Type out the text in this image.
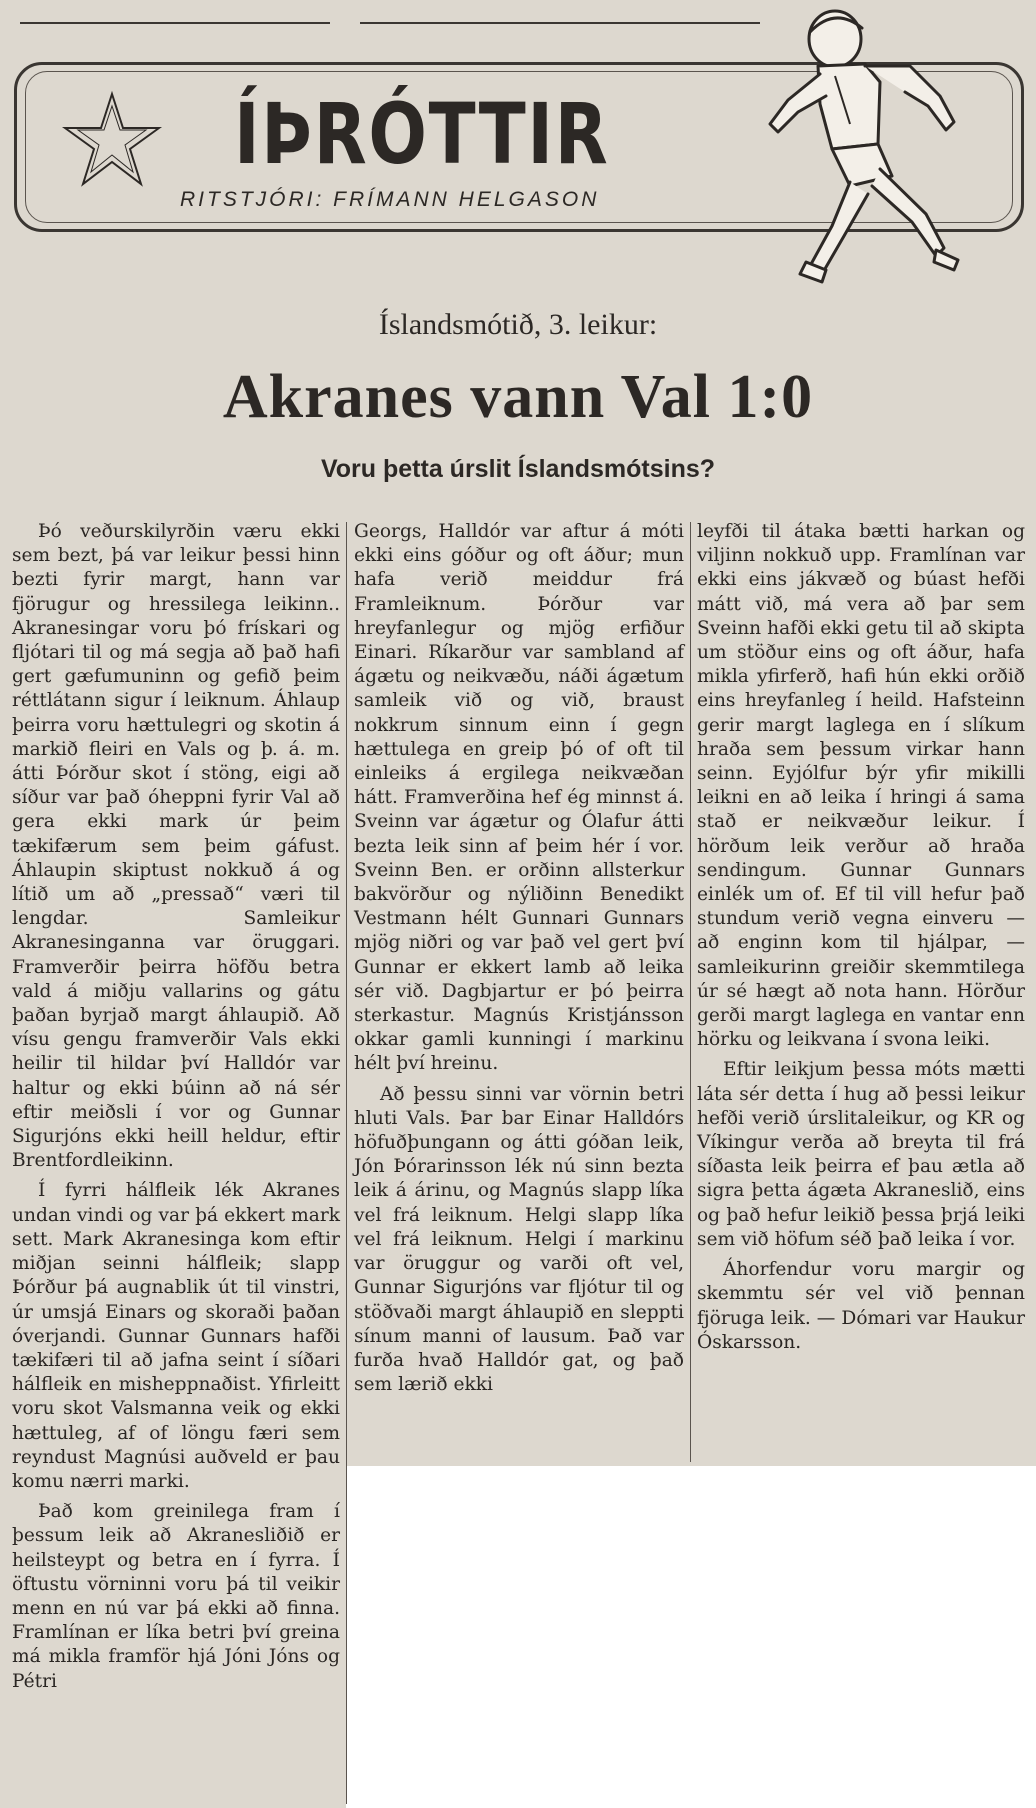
ÍÞRÓTTIR
RITSTJÓRI: FRÍMANN HELGASON
Íslandsmótið, 3. leikur:
Akranes vann Val 1:0
Voru þetta úrslit Íslandsmótsins?

Þó veðurskilyrðin væru ekki sem bezt, þá var leikur þessi hinn bezti fyrir margt, hann var fjörugur og hressilega leikinn.. Akranesingar voru þó frískari og fljótari til og má segja að það hafi gert gæfumuninn og gefið þeim réttlátann sigur í leiknum. Áhlaup þeirra voru hættulegri og skotin á markið fleiri en Vals og þ. á. m. átti Þórður skot í stöng, eigi að síður var það óheppni fyrir Val að gera ekki mark úr þeim tækifærum sem þeim gáfust. Áhlaupin skiptust nokkuð á og lítið um að „pressað“ væri til lengdar. Samleikur Akranesinganna var öruggari. Framverðir þeirra höfðu betra vald á miðju vallarins og gátu þaðan byrjað margt áhlaupið. Að vísu gengu framverðir Vals ekki heilir til hildar því Halldór var haltur og ekki búinn að ná sér eftir meiðsli í vor og Gunnar Sigurjóns ekki heill heldur, eftir Brentfordleikinn.

Í fyrri hálfleik lék Akranes undan vindi og var þá ekkert mark sett. Mark Akranesinga kom eftir miðjan seinni hálfleik; slapp Þórður þá augnablik út til vinstri, úr umsjá Einars og skoraði þaðan óverjandi. Gunnar Gunnars hafði tækifæri til að jafna seint í síðari hálfleik en misheppnaðist. Yfirleitt voru skot Valsmanna veik og ekki hættuleg, af of löngu færi sem reyndust Magnúsi auðveld er þau komu nærri marki.

Það kom greinilega fram í þessum leik að Akranesliðið er heilsteypt og betra en í fyrra. Í öftustu vörninni voru þá til veikir menn en nú var þá ekki að finna. Framlínan er líka betri því greina má mikla framför hjá Jóni Jóns og Pétri

Georgs, Halldór var aftur á móti ekki eins góður og oft áður; mun hafa verið meiddur frá Framleiknum. Þórður var hreyfanlegur og mjög erfiður Einari. Ríkarður var sambland af ágætu og neikvæðu, náði ágætum samleik við og við, braust nokkrum sinnum einn í gegn hættulega en greip þó of oft til einleiks á ergilega neikvæðan hátt. Framverðina hef ég minnst á. Sveinn var ágætur og Ólafur átti bezta leik sinn af þeim hér í vor. Sveinn Ben. er orðinn allsterkur bakvörður og nýliðinn Benedikt Vestmann hélt Gunnari Gunnars mjög niðri og var það vel gert því Gunnar er ekkert lamb að leika sér við. Dagbjartur er þó þeirra sterkastur. Magnús Kristjánsson okkar gamli kunningi í markinu hélt því hreinu.

Að þessu sinni var vörnin betri hluti Vals. Þar bar Einar Halldórs höfuðþungann og átti góðan leik, Jón Þórarinsson lék nú sinn bezta leik á árinu, og Magnús slapp líka vel frá leiknum. Helgi slapp líka vel frá leiknum. Helgi í markinu var öruggur og varði oft vel, Gunnar Sigurjóns var fljótur til og stöðvaði margt áhlaupið en sleppti sínum manni of lausum. Það var furða hvað Halldór gat, og það sem lærið ekki

leyfði til átaka bætti harkan og viljinn nokkuð upp. Framlínan var ekki eins jákvæð og búast hefði mátt við, má vera að þar sem Sveinn hafði ekki getu til að skipta um stöður eins og oft áður, hafa mikla yfirferð, hafi hún ekki orðið eins hreyfanleg í heild. Hafsteinn gerir margt laglega en í slíkum hraða sem þessum virkar hann seinn. Eyjólfur býr yfir mikilli leikni en að leika í hringi á sama stað er neikvæður leikur. Í hörðum leik verður að hraða sendingum. Gunnar Gunnars einlék um of. Ef til vill hefur það stundum verið vegna einveru — að enginn kom til hjálpar, — samleikurinn greiðir skemmtilega úr sé hægt að nota hann. Hörður gerði margt laglega en vantar enn hörku og leikvana í svona leiki.

Eftir leikjum þessa móts mætti láta sér detta í hug að þessi leikur hefði verið úrslitaleikur, og KR og Víkingur verða að breyta til frá síðasta leik þeirra ef þau ætla að sigra þetta ágæta Akraneslið, eins og það hefur leikið þessa þrjá leiki sem við höfum séð það leika í vor.

Áhorfendur voru margir og skemmtu sér vel við þennan fjöruga leik. — Dómari var Haukur Óskarsson.
